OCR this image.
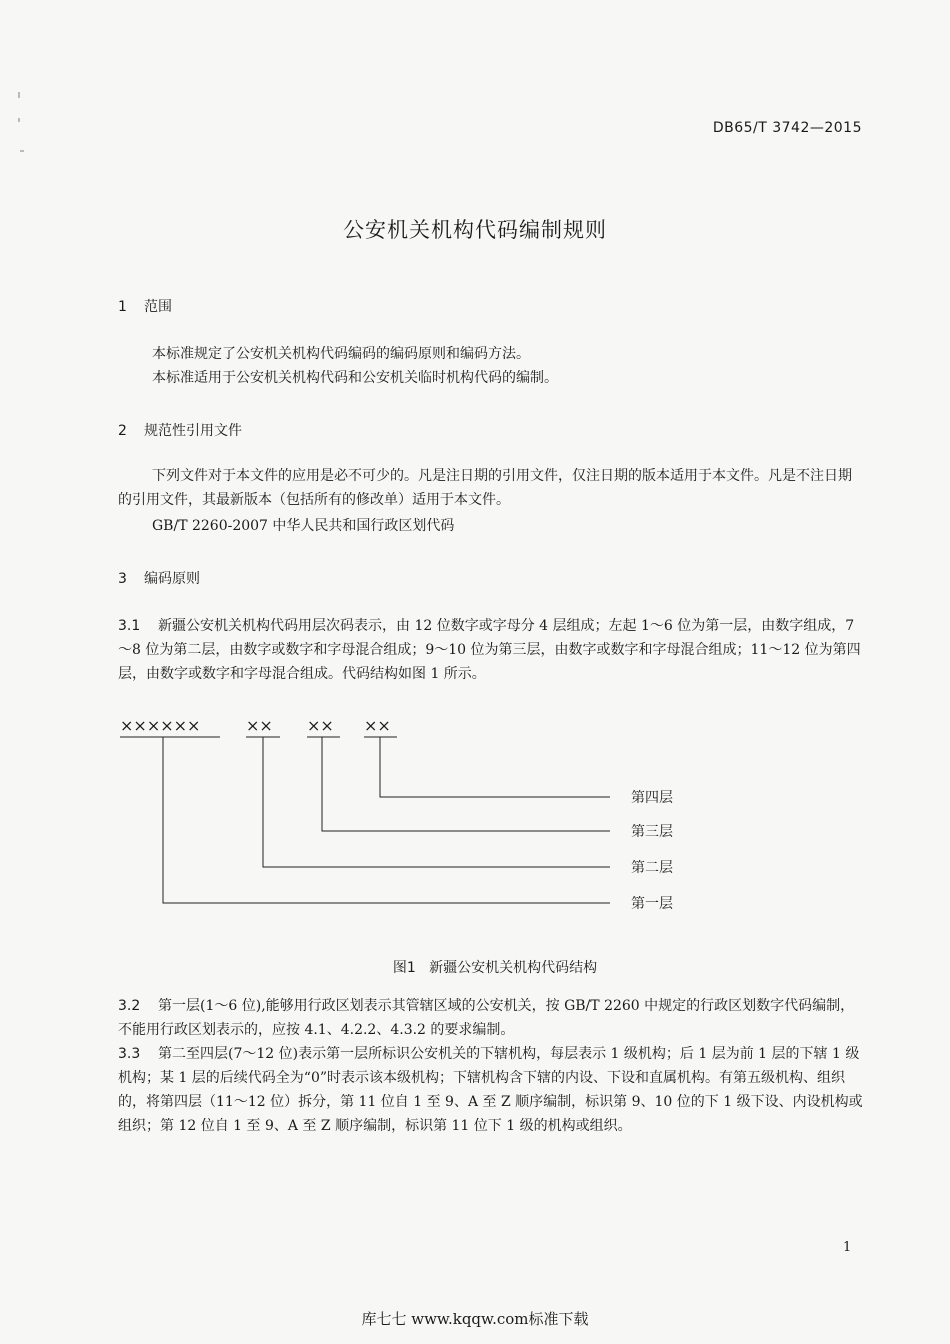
DB65/T 3742—2015
公安机关机构代码编制规则
1 范围
本标准规定了公安机关机构代码编码的编码原则和编码方法。
本标准适用于公安机关机构代码和公安机关临时机构代码的编制。
2 规范性引用文件
下列文件对于本文件的应用是必不可少的。凡是注日期的引用文件，仅注日期的版本适用于本文件。凡是不注日期的引用文件，其最新版本（包括所有的修改单）适用于本文件。
GB/T 2260-2007 中华人民共和国行政区划代码
3 编码原则
3.1 新疆公安机关机构代码用层次码表示，由 12 位数字或字母分 4 层组成；左起 1～6 位为第一层，由数字组成，7～8 位为第二层，由数字或数字和字母混合组成；9～10 位为第三层，由数字或数字和字母混合组成；11～12 位为第四层，由数字或数字和字母混合组成。代码结构如图 1 所示。
××××××	×× ×× ××
第四层
第三层
第二层
第一层
图1 新疆公安机关机构代码结构
3.2 第一层(1～6 位),能够用行政区划表示其管辖区域的公安机关，按 GB/T 2260 中规定的行政区划数字代码编制，不能用行政区划表示的，应按 4.1、4.2.2、4.3.2 的要求编制。
3.3 第二至四层(7～12 位)表示第一层所标识公安机关的下辖机构，每层表示 1 级机构；后 1 层为前 1 层的下辖 1 级机构；某 1 层的后续代码全为“0”时表示该本级机构；下辖机构含下辖的内设、下设和直属机构。有第五级机构、组织的，将第四层（11～12 位）拆分，第 11 位自 1 至 9、A 至 Z 顺序编制，标识第 9、10 位的下 1 级下设、内设机构或组织；第 12 位自 1 至 9、A 至 Z 顺序编制，标识第 11 位下 1 级的机构或组织。
1
库七七 www.kqqw.com标准下载
